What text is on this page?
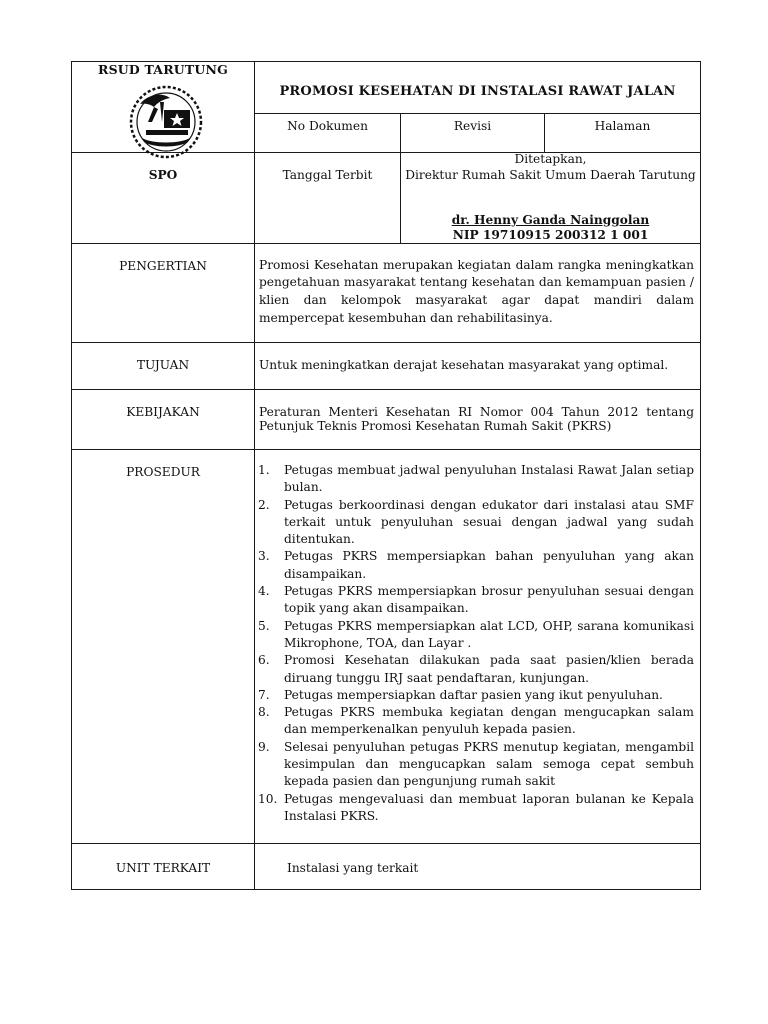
RSUD TARUTUNG
PROMOSI KESEHATAN DI INSTALASI RAWAT JALAN
No Dokumen	Revisi	Halaman
SPO	Tanggal Terbit
Ditetapkan,
Direktur Rumah Sakit Umum Daerah Tarutung
dr. Henny Ganda Nainggolan
NIP 19710915 200312 1 001
PENGERTIAN	Promosi Kesehatan merupakan kegiatan dalam rangka meningkatkan
pengetahuan masyarakat tentang kesehatan dan kemampuan pasien /
klien dan kelompok masyarakat agar dapat mandiri dalam
mempercepat kesembuhan dan rehabilitasinya.
TUJUAN	Untuk meningkatkan derajat kesehatan masyarakat yang optimal.
KEBIJAKAN	Peraturan Menteri Kesehatan RI Nomor 004 Tahun 2012 tentang
Petunjuk Teknis Promosi Kesehatan Rumah Sakit (PKRS)
PROSEDUR	1. Petugas membuat jadwal penyuluhan Instalasi Rawat Jalan setiap bulan.
2. Petugas berkoordinasi dengan edukator dari instalasi atau SMF terkait untuk penyuluhan sesuai dengan jadwal yang sudah ditentukan.
3. Petugas PKRS mempersiapkan bahan penyuluhan yang akan disampaikan.
4. Petugas PKRS mempersiapkan brosur penyuluhan sesuai dengan topik yang akan disampaikan.
5. Petugas PKRS mempersiapkan alat LCD, OHP, sarana komunikasi Mikrophone, TOA, dan Layar .
6. Promosi Kesehatan dilakukan pada saat pasien/klien berada diruang tunggu IRJ saat pendaftaran, kunjungan.
7. Petugas mempersiapkan daftar pasien yang ikut penyuluhan.
8. Petugas PKRS membuka kegiatan dengan mengucapkan salam dan memperkenalkan penyuluh kepada pasien.
9. Selesai penyuluhan petugas PKRS menutup kegiatan, mengambil kesimpulan dan mengucapkan salam semoga cepat sembuh kepada pasien dan pengunjung rumah sakit
10. Petugas mengevaluasi dan membuat laporan bulanan ke Kepala Instalasi PKRS.
UNIT TERKAIT	Instalasi yang terkait
